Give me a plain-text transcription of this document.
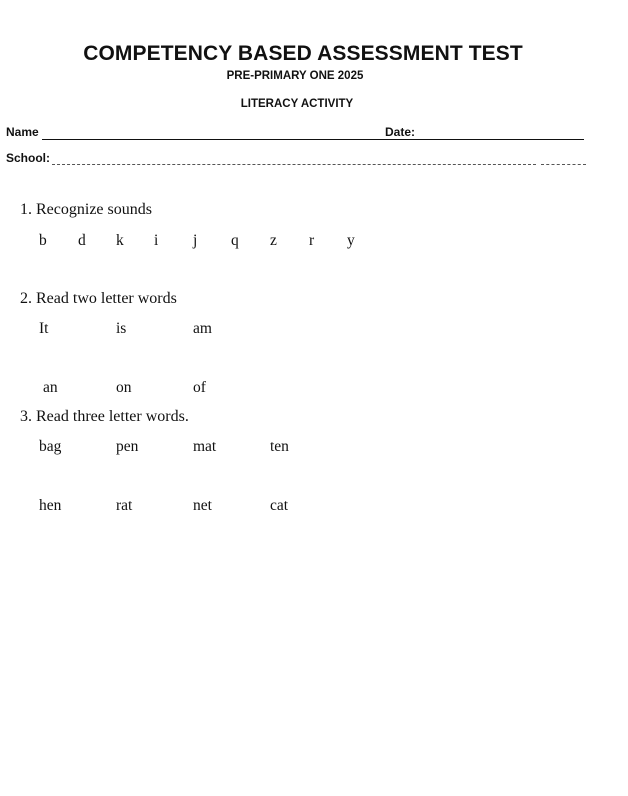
COMPETENCY BASED ASSESSMENT TEST
PRE-PRIMARY ONE 2025
LITERACY ACTIVITY
Name	Date:
School:
1. Recognize sounds
b d k i j q z r y
2. Read two letter words
It	is	am
an	on	of
3. Read three letter words.
bag	pen	mat	ten
hen	rat	net	cat
